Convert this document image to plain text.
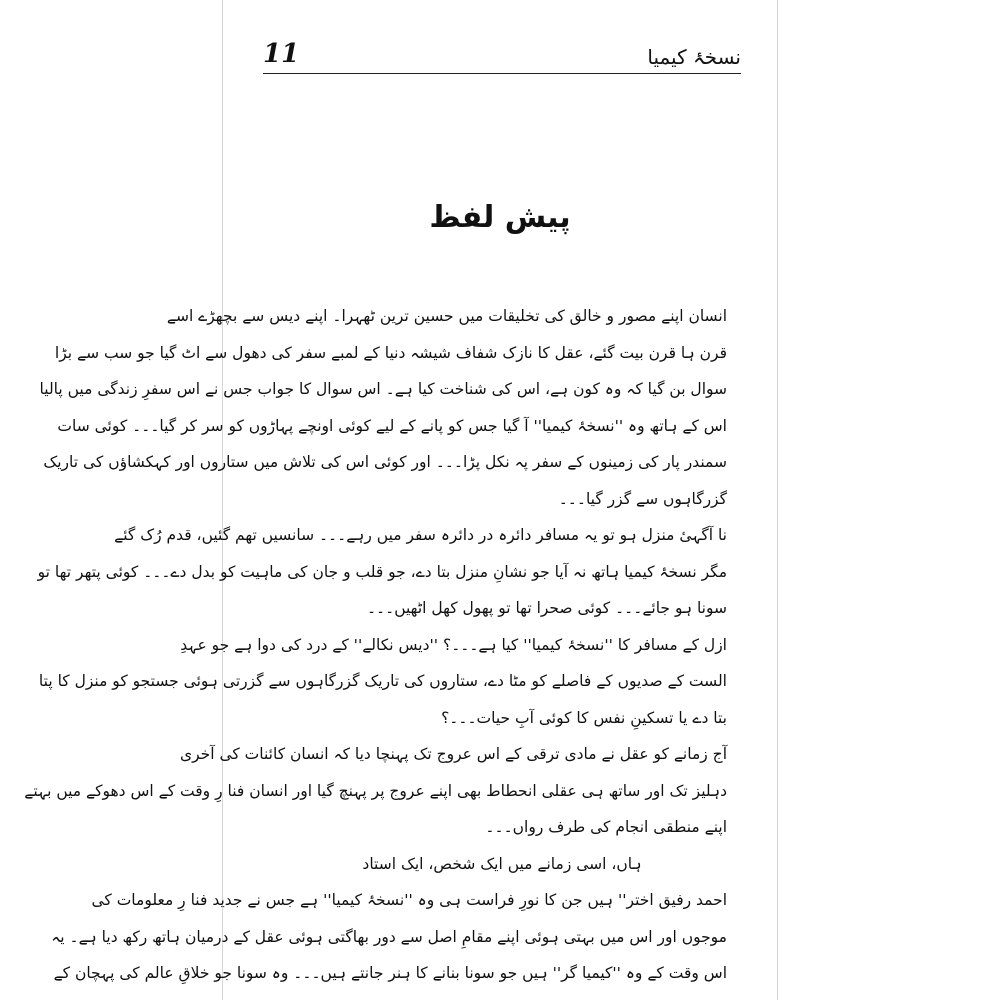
11	نسخۂ کیمیا
پیش لفظ
انسان اپنے مصور و خالق کی تخلیقات میں حسین ترین ٹھہرا۔ اپنے دیس سے بچھڑے اسے
قرن ہا قرن بیت گئے، عقل کا نازک شفاف شیشہ دنیا کے لمبے سفر کی دھول سے اٹ گیا جو سب سے بڑا
سوال بن گیا کہ وہ کون ہے، اس کی شناخت کیا ہے۔ اس سوال کا جواب جس نے اس سفرِ زندگی میں پالیا
اس کے ہاتھ وہ ''نسخۂ کیمیا'' آ گیا جس کو پانے کے لیے کوئی اونچے پہاڑوں کو سر کر گیا۔۔۔ کوئی سات
سمندر پار کی زمینوں کے سفر پہ نکل پڑا۔۔۔ اور کوئی اس کی تلاش میں ستاروں اور کہکشاؤں کی تاریک
گزرگاہوں سے گزر گیا۔۔۔
نا آگہیٔ منزل ہو تو یہ مسافر دائرہ در دائرہ سفر میں رہے۔۔۔ سانسیں تھم گئیں، قدم رُک گئے
مگر نسخۂ کیمیا ہاتھ نہ آیا جو نشانِ منزل بتا دے، جو قلب و جان کی ماہیت کو بدل دے۔۔۔ کوئی پتھر تھا تو
سونا ہو جائے۔۔۔ کوئی صحرا تھا تو پھول کھل اٹھیں۔۔۔
ازل کے مسافر کا ''نسخۂ کیمیا'' کیا ہے۔۔۔؟ ''دیس نکالے'' کے درد کی دوا ہے جو عہدِ
الست کے صدیوں کے فاصلے کو مٹا دے، ستاروں کی تاریک گزرگاہوں سے گزرتی ہوئی جستجو کو منزل کا پتا
بتا دے یا تسکینِ نفس کا کوئی آبِ حیات۔۔۔؟
آج زمانے کو عقل نے مادی ترقی کے اس عروج تک پہنچا دیا کہ انسان کائنات کی آخری
دہلیز تک اور ساتھ ہی عقلی انحطاط بھی اپنے عروج پر پہنچ گیا اور انسان فنا رِ وقت کے اس دھوکے میں بہتے
اپنے منطقی انجام کی طرف رواں۔۔۔
ہاں، اسی زمانے میں ایک شخص، ایک استاد
احمد رفیق اختر'' ہیں جن کا نورِ فراست ہی وہ ''نسخۂ کیمیا'' ہے جس نے جدید فنا رِ معلومات کی
موجوں اور اس میں بہتی ہوئی اپنے مقامِ اصل سے دور بھاگتی ہوئی عقل کے درمیان ہاتھ رکھ دیا ہے۔ یہ
اس وقت کے وہ ''کیمیا گر'' ہیں جو سونا بنانے کا ہنر جانتے ہیں۔۔۔ وہ سونا جو خلاقِ عالم کی پہچان کے
